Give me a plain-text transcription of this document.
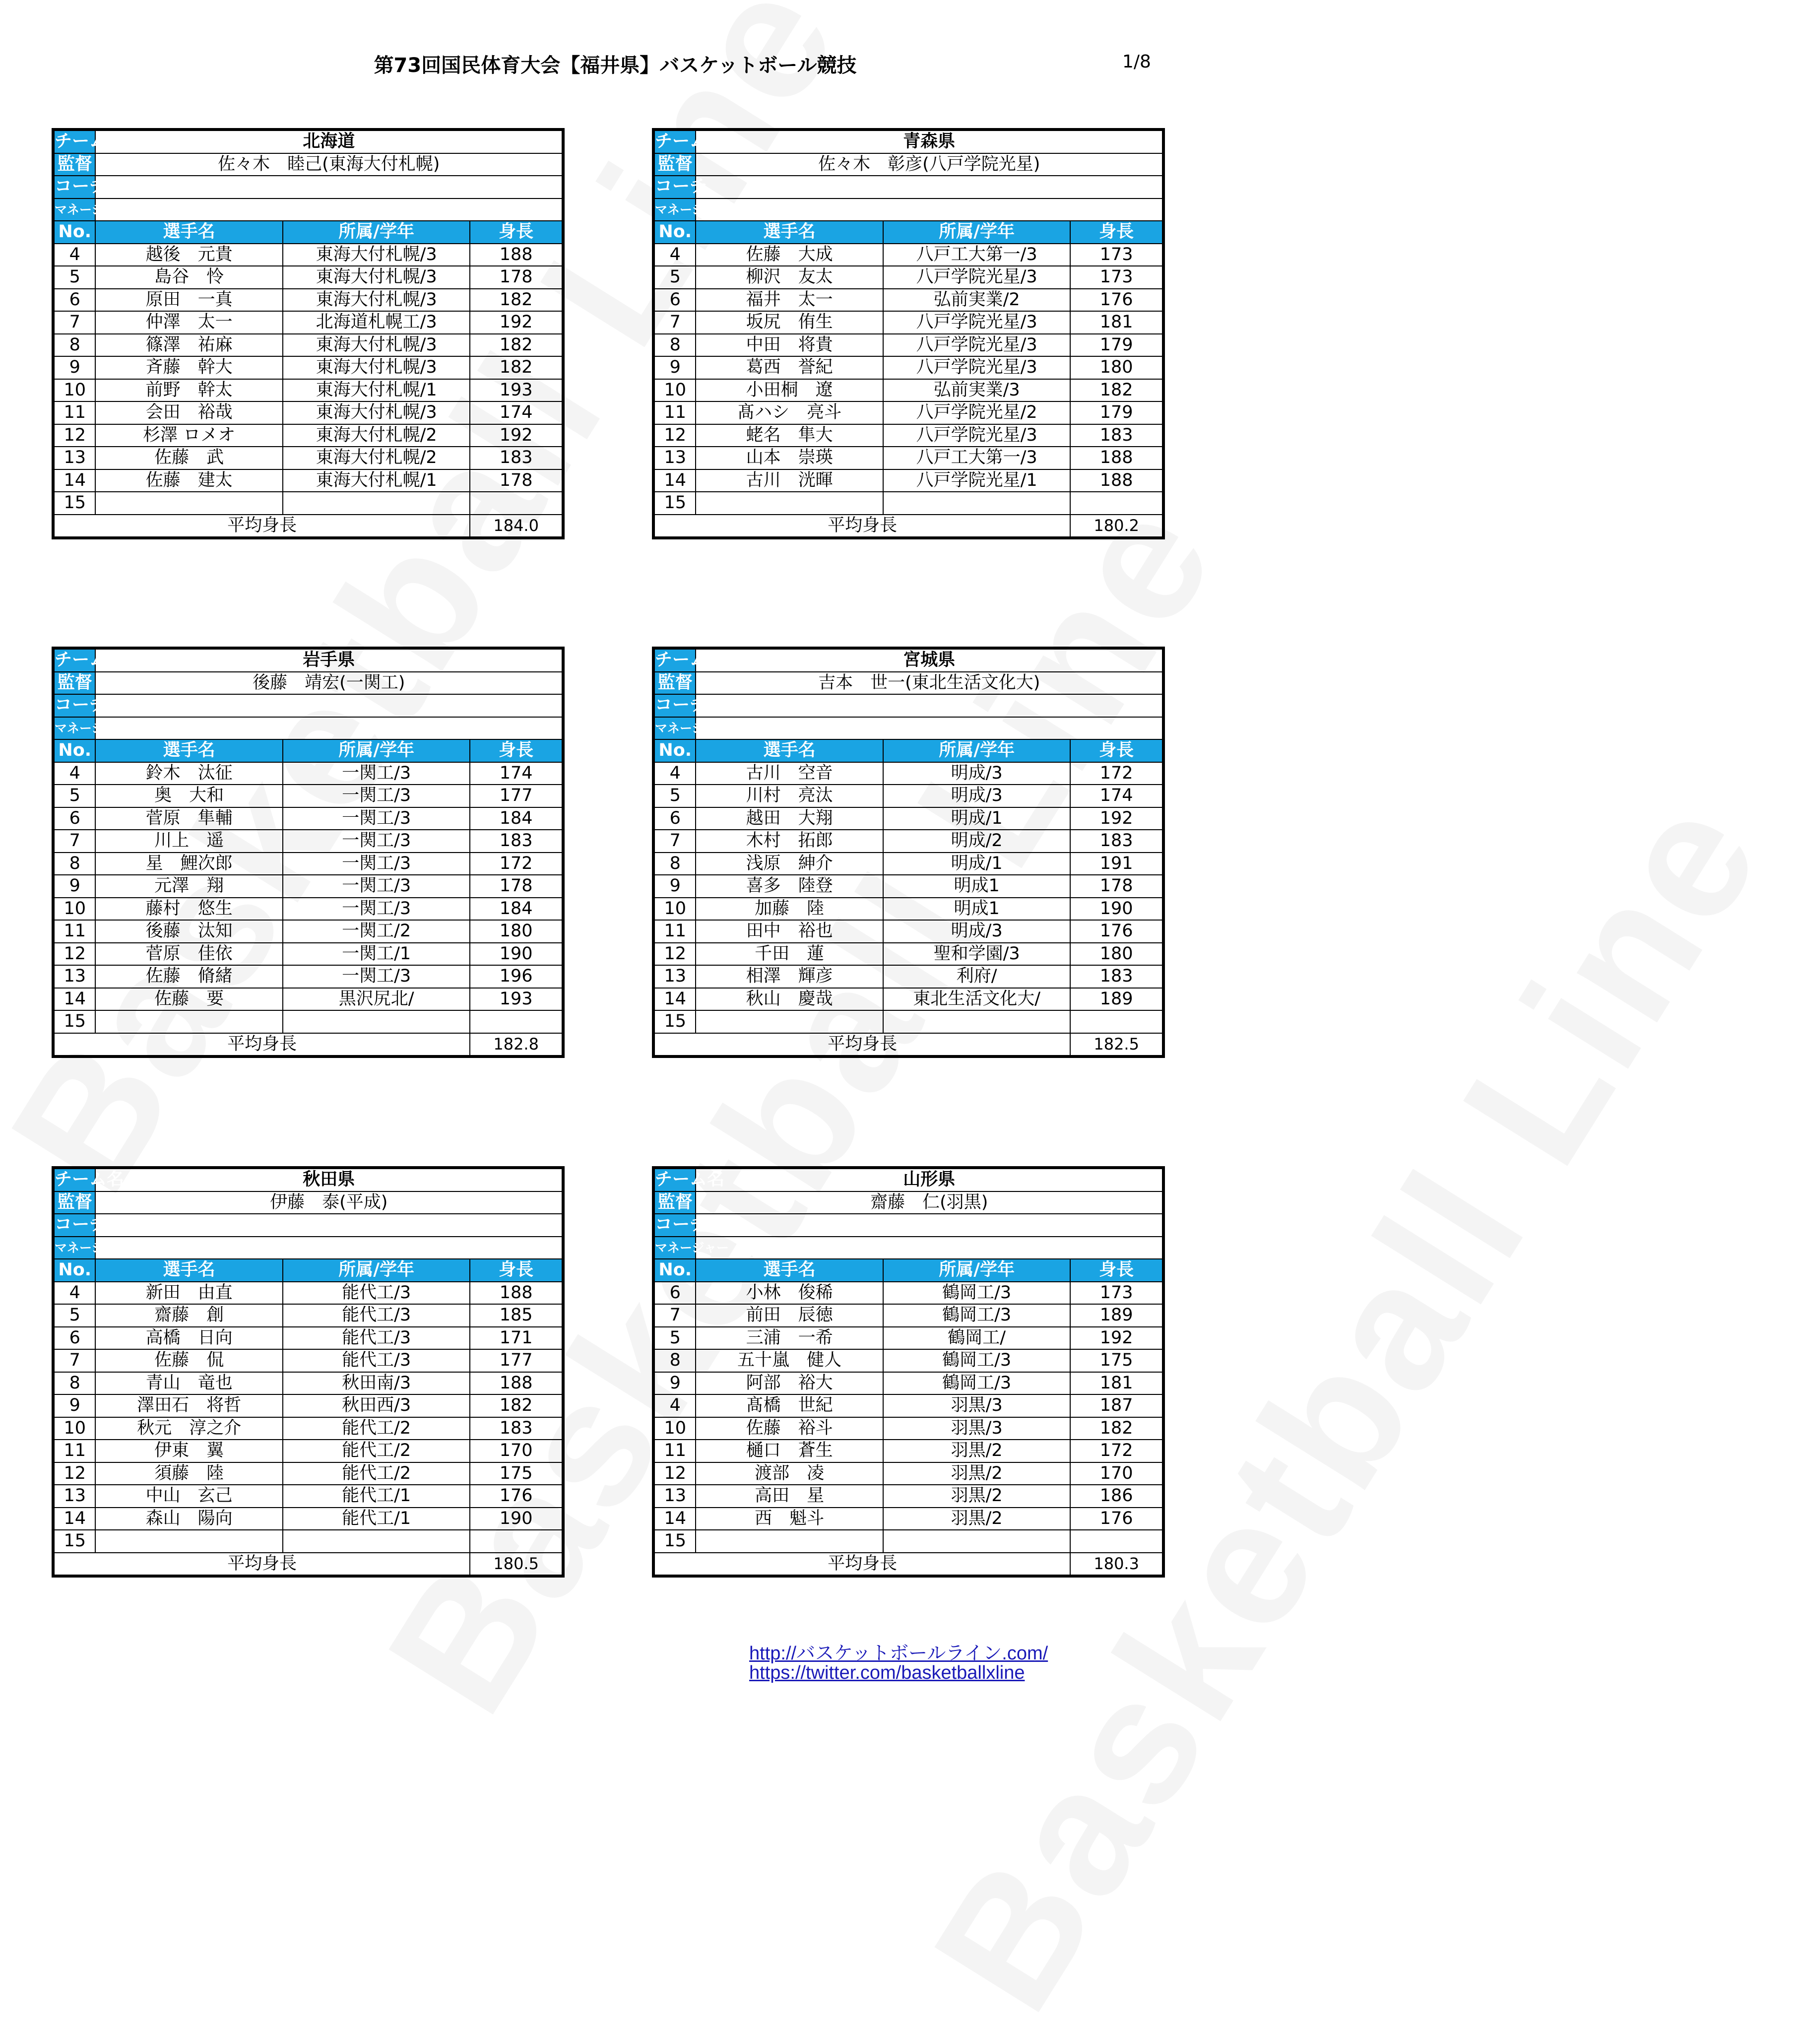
第73回国民体育大会【福井県】バスケットボール競技	1/8
チーム名	北海道		
監督	佐々木　睦己(東海大付札幌)		
コーチ			
マネージャー			
No.	選手名	所属/学年	身長
4	越後　元貴	東海大付札幌/3	188
5	島谷　怜	東海大付札幌/3	178
6	原田　一真	東海大付札幌/3	182
7	仲澤　太一	北海道札幌工/3	192
8	篠澤　祐麻	東海大付札幌/3	182
9	斉藤　幹大	東海大付札幌/3	182
10	前野　幹太	東海大付札幌/1	193
11	会田　裕哉	東海大付札幌/3	174
12	杉澤 ロメオ	東海大付札幌/2	192
13	佐藤　武	東海大付札幌/2	183
14	佐藤　建太	東海大付札幌/1	178
15			
平均身長			184.0
チーム名	青森県		
監督	佐々木　彰彦(八戸学院光星)		
コーチ			
マネージャー			
No.	選手名	所属/学年	身長
4	佐藤　大成	八戸工大第一/3	173
5	柳沢　友太	八戸学院光星/3	173
6	福井　太一	弘前実業/2	176
7	坂尻　侑生	八戸学院光星/3	181
8	中田　将貴	八戸学院光星/3	179
9	葛西　誉紀	八戸学院光星/3	180
10	小田桐　遼	弘前実業/3	182
11	髙ハシ　亮斗	八戸学院光星/2	179
12	蛯名　隼大	八戸学院光星/3	183
13	山本　崇瑛	八戸工大第一/3	188
14	古川　洸暉	八戸学院光星/1	188
15			
平均身長			180.2
チーム名	岩手県		
監督	後藤　靖宏(一関工)		
コーチ			
マネージャー			
No.	選手名	所属/学年	身長
4	鈴木　汰征	一関工/3	174
5	奥　大和	一関工/3	177
6	菅原　隼輔	一関工/3	184
7	川上　遥	一関工/3	183
8	星　鯉次郎	一関工/3	172
9	元澤　翔	一関工/3	178
10	藤村　悠生	一関工/3	184
11	後藤　汰知	一関工/2	180
12	菅原　佳依	一関工/1	190
13	佐藤　脩緒	一関工/3	196
14	佐藤　要	黒沢尻北/	193
15			
平均身長			182.8
チーム名	宮城県		
監督	吉本　世一(東北生活文化大)		
コーチ			
マネージャー			
No.	選手名	所属/学年	身長
4	古川　空音	明成/3	172
5	川村　亮汰	明成/3	174
6	越田　大翔	明成/1	192
7	木村　拓郎	明成/2	183
8	浅原　紳介	明成/1	191
9	喜多　陸登	明成1	178
10	加藤　陸	明成1	190
11	田中　裕也	明成/3	176
12	千田　蓮	聖和学園/3	180
13	相澤　輝彦	利府/	183
14	秋山　慶哉	東北生活文化大/	189
15			
平均身長			182.5
チーム名	秋田県		
監督	伊藤　泰(平成)		
コーチ			
マネージャー			
No.	選手名	所属/学年	身長
4	新田　由直	能代工/3	188
5	齋藤　創	能代工/3	185
6	高橋　日向	能代工/3	171
7	佐藤　侃	能代工/3	177
8	青山　竜也	秋田南/3	188
9	澤田石　将哲	秋田西/3	182
10	秋元　淳之介	能代工/2	183
11	伊東　翼	能代工/2	170
12	須藤　陸	能代工/2	175
13	中山　玄己	能代工/1	176
14	森山　陽向	能代工/1	190
15			
平均身長			180.5
チーム名	山形県		
監督	齋藤　仁(羽黒)		
コーチ			
マネージャー			
No.	選手名	所属/学年	身長
6	小林　俊稀	鶴岡工/3	173
7	前田　辰徳	鶴岡工/3	189
5	三浦　一希	鶴岡工/	192
8	五十嵐　健人	鶴岡工/3	175
9	阿部　裕大	鶴岡工/3	181
4	髙橋　世紀	羽黒/3	187
10	佐藤　裕斗	羽黒/3	182
11	樋口　蒼生	羽黒/2	172
12	渡部　凌	羽黒/2	170
13	高田　星	羽黒/2	186
14	西　魁斗	羽黒/2	176
15			
平均身長			180.3
http://バスケットボールライン.com/
https://twitter.com/basketballxline
